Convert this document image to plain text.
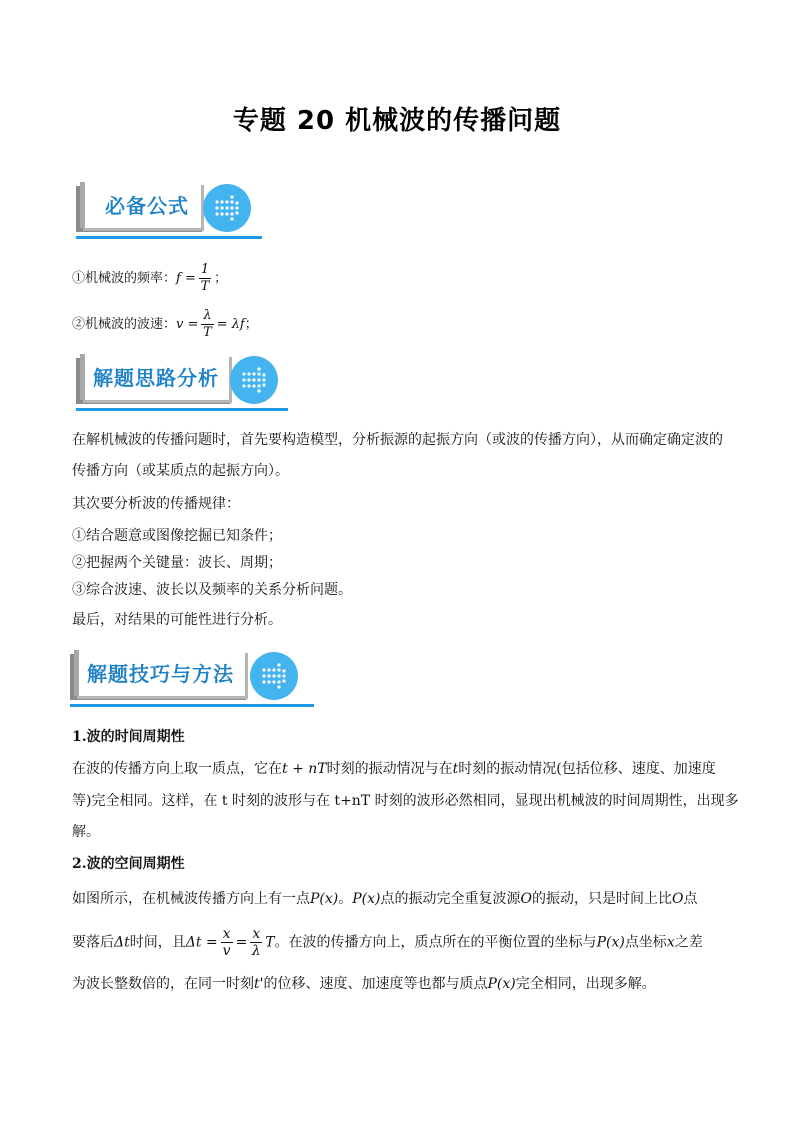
专题 20 机械波的传播问题
必备公式
①机械波的频率：$f = \frac{1}{T}$ ；
②机械波的波速：$v = \frac{\lambda}{T} = \lambda f$；
解题思路分析
在解机械波的传播问题时，首先要构造模型，分析振源的起振方向（或波的传播方向），从而确定确定波的
传播方向（或某质点的起振方向）。
其次要分析波的传播规律：
①结合题意或图像挖掘已知条件；
②把握两个关键量：波长、周期；
③综合波速、波长以及频率的关系分析问题。
最后，对结果的可能性进行分析。
解题技巧与方法
1.波的时间周期性
在波的传播方向上取一质点，它在t + nT时刻的振动情况与在t时刻的振动情况(包括位移、速度、加速度
等)完全相同。这样，在 t 时刻的波形与在 t+nT 时刻的波形必然相同，显现出机械波的时间周期性，出现多
解。
2.波的空间周期性
如图所示，在机械波传播方向上有一点P(x)。P(x)点的振动完全重复波源O的振动，只是时间上比O点
要落后Δt时间，且$\Delta t = \frac{x}{v} = \frac{x}{\lambda}$ T。在波的传播方向上，质点所在的平衡位置的坐标与P(x)点坐标x之差
为波长整数倍的，在同一时刻t'的位移、速度、加速度等也都与质点P(x)完全相同，出现多解。
